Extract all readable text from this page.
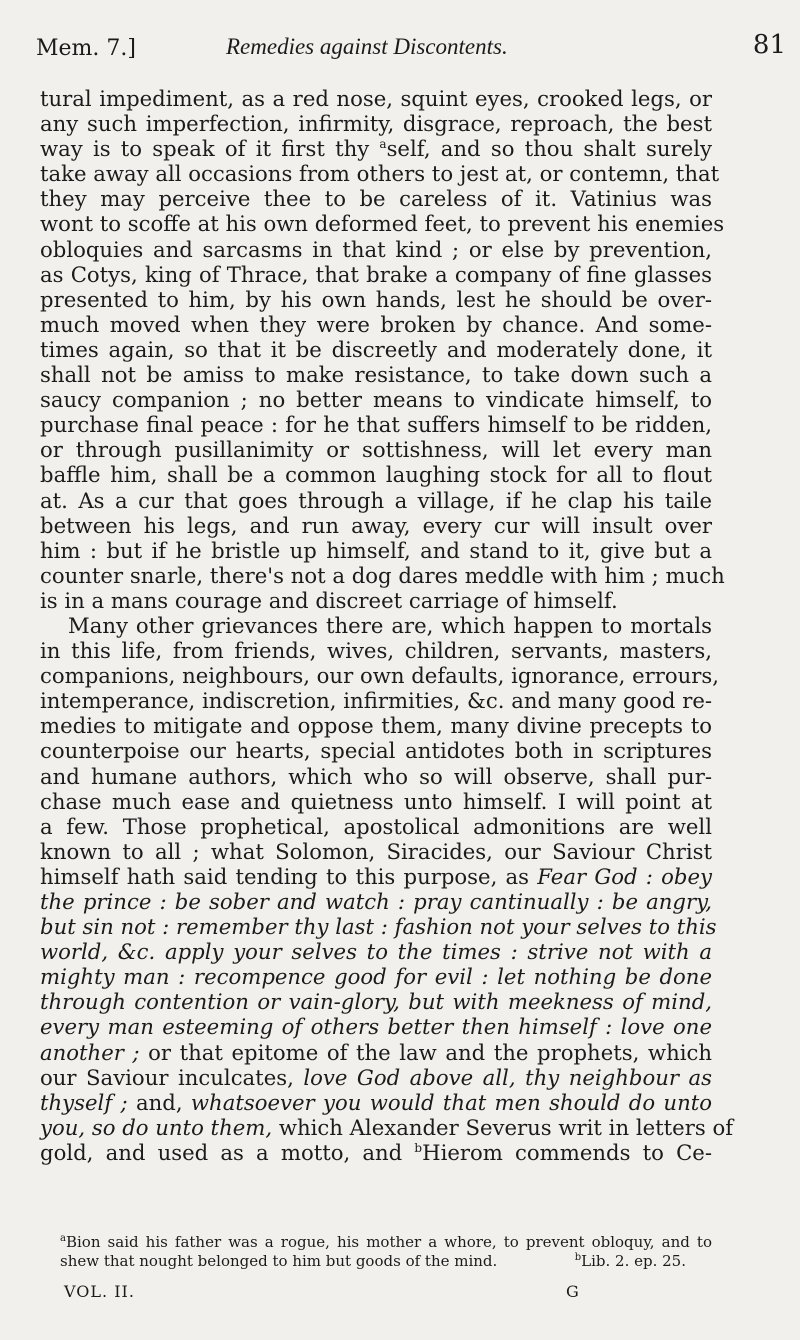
Mem. 7.]	Remedies against Discontents.	81
tural impediment, as a red nose, squint eyes, crooked legs, or
any such imperfection, infirmity, disgrace, reproach, the best
way is to speak of it first thy $^a$self, and so thou shalt surely
take away all occasions from others to jest at, or contemn, that
they may perceive thee to be careless of it. Vatinius was
wont to scoffe at his own deformed feet, to prevent his enemies
obloquies and sarcasms in that kind ; or else by prevention,
as Cotys, king of Thrace, that brake a company of fine glasses
presented to him, by his own hands, lest he should be over-
much moved when they were broken by chance. And some-
times again, so that it be discreetly and moderately done, it
shall not be amiss to make resistance, to take down such a
saucy companion ; no better means to vindicate himself, to
purchase final peace : for he that suffers himself to be ridden,
or through pusillanimity or sottishness, will let every man
baffle him, shall be a common laughing stock for all to flout
at. As a cur that goes through a village, if he clap his taile
between his legs, and run away, every cur will insult over
him : but if he bristle up himself, and stand to it, give but a
counter snarle, there's not a dog dares meddle with him ; much
is in a mans courage and discreet carriage of himself.
Many other grievances there are, which happen to mortals
in this life, from friends, wives, children, servants, masters,
companions, neighbours, our own defaults, ignorance, errours,
intemperance, indiscretion, infirmities, &c. and many good re-
medies to mitigate and oppose them, many divine precepts to
counterpoise our hearts, special antidotes both in scriptures
and humane authors, which who so will observe, shall pur-
chase much ease and quietness unto himself. I will point at
a few. Those prophetical, apostolical admonitions are well
known to all ; what Solomon, Siracides, our Saviour Christ
himself hath said tending to this purpose, as Fear God : obey
the prince : be sober and watch : pray cantinually : be angry,
but sin not : remember thy last : fashion not your selves to this
world, &c. apply your selves to the times : strive not with a
mighty man : recompence good for evil : let nothing be done
through contention or vain-glory, but with meekness of mind,
every man esteeming of others better then himself : love one
another ; or that epitome of the law and the prophets, which
our Saviour inculcates, love God above all, thy neighbour as
thyself ; and, whatsoever you would that men should do unto
you, so do unto them, which Alexander Severus writ in letters of
gold, and used as a motto, and $^b$Hierom commends to Ce-
$^a$Bion said his father was a rogue, his mother a whore, to prevent obloquy, and to
shew that nought belonged to him but goods of the mind.	$^b$Lib. 2. ep. 25.
VOL. II.	G
